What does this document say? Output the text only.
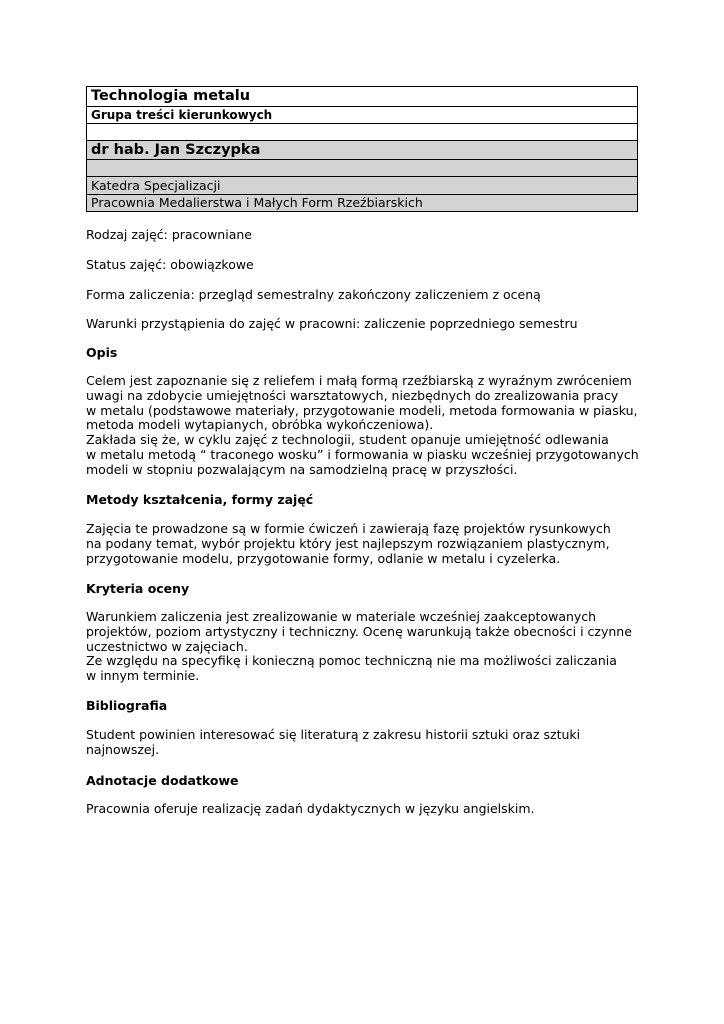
Technologia metalu
Grupa treści kierunkowych

dr hab. Jan Szczypka

Katedra Specjalizacji
Pracownia Medalierstwa i Małych Form Rzeźbiarskich

Rodzaj zajęć: pracowniane

Status zajęć: obowiązkowe

Forma zaliczenia: przegląd semestralny zakończony zaliczeniem z oceną

Warunki przystąpienia do zajęć w pracowni: zaliczenie poprzedniego semestru

Opis

Celem jest zapoznanie się z reliefem i małą formą rzeźbiarską z wyraźnym zwróceniem
uwagi na zdobycie umiejętności warsztatowych, niezbędnych do zrealizowania pracy
w metalu (podstawowe materiały, przygotowanie modeli, metoda formowania w piasku,
metoda modeli wytapianych, obróbka wykończeniowa).
Zakłada się że, w cyklu zajęć z technologii, student opanuje umiejętność odlewania
w metalu metodą “ traconego wosku” i formowania w piasku wcześniej przygotowanych
modeli w stopniu pozwalającym na samodzielną pracę w przyszłości.

Metody kształcenia, formy zajęć

Zajęcia te prowadzone są w formie ćwiczeń i zawierają fazę projektów rysunkowych
na podany temat, wybór projektu który jest najlepszym rozwiązaniem plastycznym,
przygotowanie modelu, przygotowanie formy, odlanie w metalu i cyzelerka.

Kryteria oceny

Warunkiem zaliczenia jest zrealizowanie w materiale wcześniej zaakceptowanych
projektów, poziom artystyczny i techniczny. Ocenę warunkują także obecności i czynne
uczestnictwo w zajęciach.
Ze względu na specyfikę i konieczną pomoc techniczną nie ma możliwości zaliczania
w innym terminie.

Bibliografia

Student powinien interesować się literaturą z zakresu historii sztuki oraz sztuki
najnowszej.

Adnotacje dodatkowe

Pracownia oferuje realizację zadań dydaktycznych w języku angielskim.
